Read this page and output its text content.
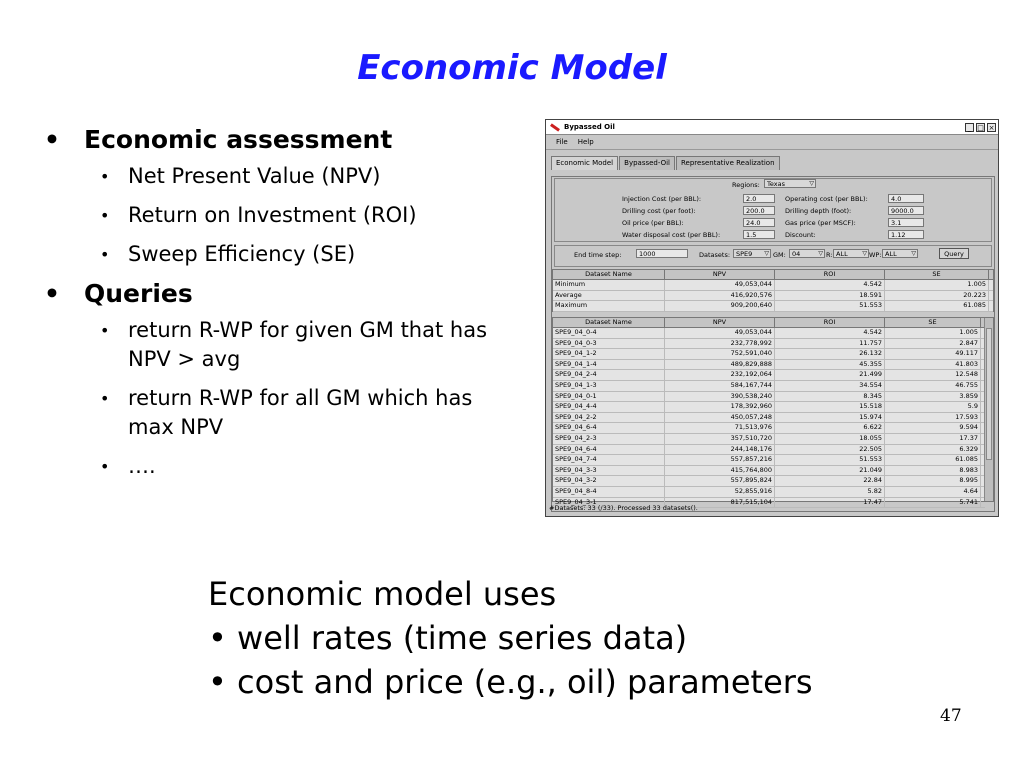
Economic Model
• Economic assessment
• Net Present Value (NPV)
• Return on Investment (ROI)
• Sweep Efficiency (SE)
• Queries
• return R-WP for given GM that has NPV > avg
• return R-WP for all GM which has max NPV
• ….
Bypassed Oil	_ □ ×
File Help
Economic Model	Bypassed-Oil	Representative Realization
Regions:	Texas	▽
Injection Cost (per BBL):	2.0
Drilling cost (per foot):	200.0
Oil price (per BBL):	24.0
Water disposal cost (per BBL):	1.5
Operating cost (per BBL):	4.0
Drilling depth (foot):	9000.0
Gas price (per MSCF):	3.1
Discount:	1.12
End time step:	1000	Datasets: SPE9 ▽ GM: 04	▽ R: ALL ▽ WP: ALL ▽	Query
Dataset Name	NPV	ROI	SE
Minimum	49,053,044	4.542	1.005
Average	416,920,576	18.591	20.223
Maximum	909,200,640	51.553	61.085
Dataset Name	NPV	ROI	SE
SPE9_04_0-4	49,053,044	4.542	1.005
SPE9_04_0-3	232,778,992	11.757	2.847
SPE9_04_1-2	752,591,040	26.132	49.117
SPE9_04_1-4	489,829,888	45.355	41.803
SPE9_04_2-4	232,192,064	21.499	12.548
SPE9_04_1-3	584,167,744	34.554	46.755
SPE9_04_0-1	390,538,240	8.345	3.859
SPE9_04_4-4	178,392,960	15.518	5.9
SPE9_04_2-2	450,057,248	15.974	17.593
SPE9_04_6-4	71,513,976	6.622	9.594
SPE9_04_2-3	357,510,720	18.055	17.37
SPE9_04_6-4	244,148,176	22.505	6.329
SPE9_04_7-4	557,857,216	51.553	61.085
SPE9_04_3-3	415,764,800	21.049	8.983
SPE9_04_3-2	557,895,824	22.84	8.995
SPE9_04_8-4	52,855,916	5.82	4.64
SPE9_04_3-1	817,515,104	17.47	5.741
#Datasets: 33 (/33). Processed 33 datasets().
Economic model uses
• well rates (time series data)
• cost and price (e.g., oil) parameters
47
